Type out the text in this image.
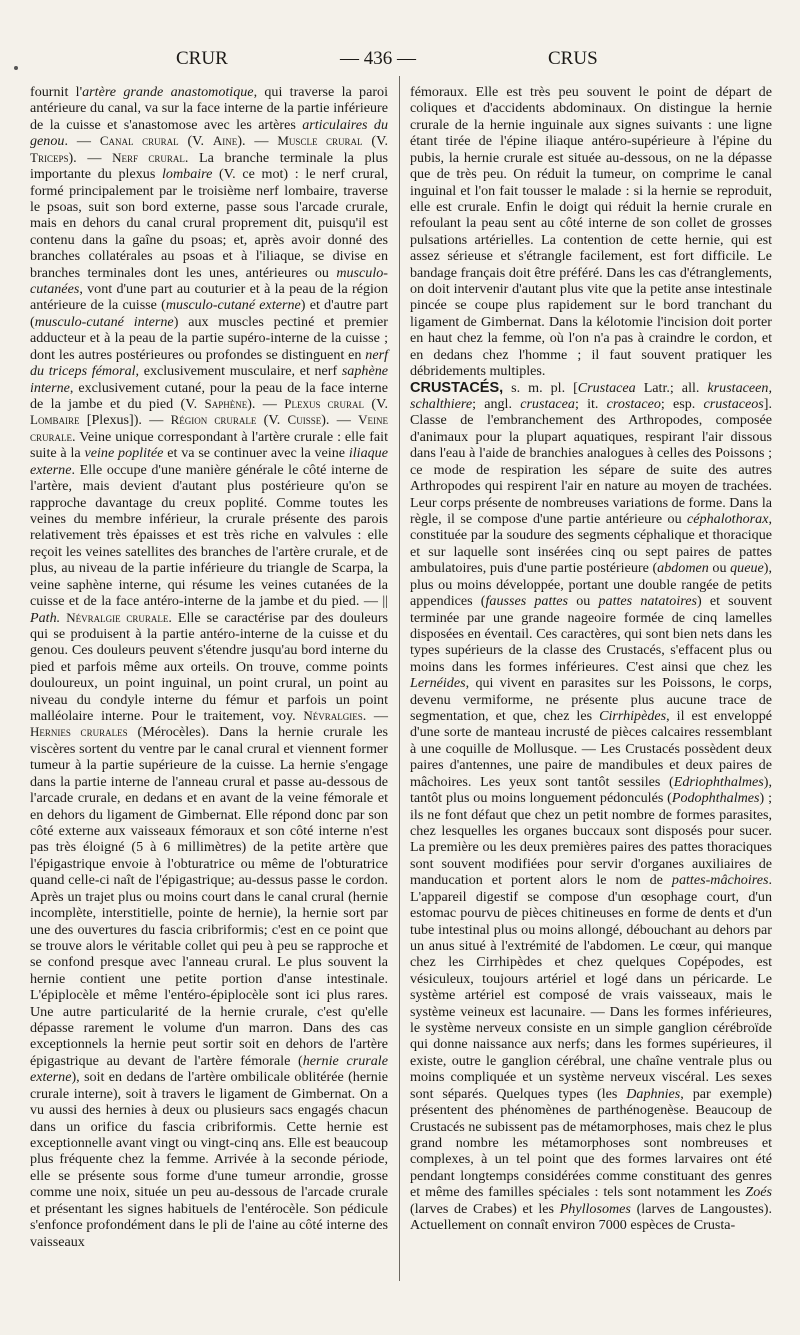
CRUR	— 436 —	CRUS

fournit l'artère grande anastomotique, qui traverse la paroi antérieure du canal, va sur la face interne de la partie inférieure de la cuisse et s'anastomose avec les artères articulaires du genou. — Canal crural (V. Aine). — Muscle crural (V. Triceps). — Nerf crural. La branche terminale la plus importante du plexus lombaire (V. ce mot) : le nerf crural, formé principalement par le troisième nerf lombaire, traverse le psoas, suit son bord externe, passe sous l'arcade crurale, mais en dehors du canal crural proprement dit, puisqu'il est contenu dans la gaîne du psoas; et, après avoir donné des branches collatérales au psoas et à l'iliaque, se divise en branches terminales dont les unes, antérieures ou musculo-cutanées, vont d'une part au couturier et à la peau de la région antérieure de la cuisse (musculo-cutané externe) et d'autre part (musculo-cutané interne) aux muscles pectiné et premier adducteur et à la peau de la partie supéro-interne de la cuisse ; dont les autres postérieures ou profondes se distinguent en nerf du triceps fémoral, exclusivement musculaire, et nerf saphène interne, exclusivement cutané, pour la peau de la face interne de la jambe et du pied (V. Saphène). — Plexus crural (V. Lombaire [Plexus]). — Région crurale (V. Cuisse). — Veine crurale. Veine unique correspondant à l'artère crurale : elle fait suite à la veine poplitée et va se continuer avec la veine iliaque externe. Elle occupe d'une manière générale le côté interne de l'artère, mais devient d'autant plus postérieure qu'on se rapproche davantage du creux poplité. Comme toutes les veines du membre inférieur, la crurale présente des parois relativement très épaisses et est très riche en valvules : elle reçoit les veines satellites des branches de l'artère crurale, et de plus, au niveau de la partie inférieure du triangle de Scarpa, la veine saphène interne, qui résume les veines cutanées de la cuisse et de la face antéro-interne de la jambe et du pied. — || Path. Névralgie crurale. Elle se caractérise par des douleurs qui se produisent à la partie antéro-interne de la cuisse et du genou. Ces douleurs peuvent s'étendre jusqu'au bord interne du pied et parfois même aux orteils. On trouve, comme points douloureux, un point inguinal, un point crural, un point au niveau du condyle interne du fémur et parfois un point malléolaire interne. Pour le traitement, voy. Névralgies. — Hernies crurales (Mérocèles). Dans la hernie crurale les viscères sortent du ventre par le canal crural et viennent former tumeur à la partie supérieure de la cuisse. La hernie s'engage dans la partie interne de l'anneau crural et passe au-dessous de l'arcade crurale, en dedans et en avant de la veine fémorale et en dehors du ligament de Gimbernat. Elle répond donc par son côté externe aux vaisseaux fémoraux et son côté interne n'est pas très éloigné (5 à 6 millimètres) de la petite artère que l'épigastrique envoie à l'obturatrice ou même de l'obturatrice quand celle-ci naît de l'épigastrique; au-dessus passe le cordon. Après un trajet plus ou moins court dans le canal crural (hernie incomplète, interstitielle, pointe de hernie), la hernie sort par une des ouvertures du fascia cribriformis; c'est en ce point que se trouve alors le véritable collet qui peu à peu se rapproche et se confond presque avec l'anneau crural. Le plus souvent la hernie contient une petite portion d'anse intestinale. L'épiplocèle et même l'entéro-épiplocèle sont ici plus rares. Une autre particularité de la hernie crurale, c'est qu'elle dépasse rarement le volume d'un marron. Dans des cas exceptionnels la hernie peut sortir soit en dehors de l'artère épigastrique au devant de l'artère fémorale (hernie crurale externe), soit en dedans de l'artère ombilicale oblitérée (hernie crurale interne), soit à travers le ligament de Gimbernat. On a vu aussi des hernies à deux ou plusieurs sacs engagés chacun dans un orifice du fascia cribriformis. Cette hernie est exceptionnelle avant vingt ou vingt-cinq ans. Elle est beaucoup plus fréquente chez la femme. Arrivée à la seconde période, elle se présente sous forme d'une tumeur arrondie, grosse comme une noix, située un peu au-dessous de l'arcade crurale et présentant les signes habituels de l'entérocèle. Son pédicule s'enfonce profondément dans le pli de l'aine au côté interne des vaisseaux

fémoraux. Elle est très peu souvent le point de départ de coliques et d'accidents abdominaux. On distingue la hernie crurale de la hernie inguinale aux signes suivants : une ligne étant tirée de l'épine iliaque antéro-supérieure à l'épine du pubis, la hernie crurale est située au-dessous, on ne la dépasse que de très peu. On réduit la tumeur, on comprime le canal inguinal et l'on fait tousser le malade : si la hernie se reproduit, elle est crurale. Enfin le doigt qui réduit la hernie crurale en refoulant la peau sent au côté interne de son collet de grosses pulsations artérielles. La contention de cette hernie, qui est assez sérieuse et s'étrangle facilement, est fort difficile. Le bandage français doit être préféré. Dans les cas d'étranglements, on doit intervenir d'autant plus vite que la petite anse intestinale pincée se coupe plus rapidement sur le bord tranchant du ligament de Gimbernat. Dans la kélotomie l'incision doit porter en haut chez la femme, où l'on n'a pas à craindre le cordon, et en dedans chez l'homme ; il faut souvent pratiquer les débridements multiples.

CRUSTACÉS, s. m. pl. [Crustacea Latr.; all. krustaceen, schalthiere; angl. crustacea; it. crostaceo; esp. crustaceos]. Classe de l'embranchement des Arthropodes, composée d'animaux pour la plupart aquatiques, respirant l'air dissous dans l'eau à l'aide de branchies analogues à celles des Poissons ; ce mode de respiration les sépare de suite des autres Arthropodes qui respirent l'air en nature au moyen de trachées. Leur corps présente de nombreuses variations de forme. Dans la règle, il se compose d'une partie antérieure ou céphalothorax, constituée par la soudure des segments céphalique et thoracique et sur laquelle sont insérées cinq ou sept paires de pattes ambulatoires, puis d'une partie postérieure (abdomen ou queue), plus ou moins développée, portant une double rangée de petits appendices (fausses pattes ou pattes natatoires) et souvent terminée par une grande nageoire formée de cinq lamelles disposées en éventail. Ces caractères, qui sont bien nets dans les types supérieurs de la classe des Crustacés, s'effacent plus ou moins dans les formes inférieures. C'est ainsi que chez les Lernéides, qui vivent en parasites sur les Poissons, le corps, devenu vermiforme, ne présente plus aucune trace de segmentation, et que, chez les Cirrhipèdes, il est enveloppé d'une sorte de manteau incrusté de pièces calcaires ressemblant à une coquille de Mollusque. — Les Crustacés possèdent deux paires d'antennes, une paire de mandibules et deux paires de mâchoires. Les yeux sont tantôt sessiles (Edriophthalmes), tantôt plus ou moins longuement pédonculés (Podophthalmes) ; ils ne font défaut que chez un petit nombre de formes parasites, chez lesquelles les organes buccaux sont disposés pour sucer. La première ou les deux premières paires des pattes thoraciques sont souvent modifiées pour servir d'organes auxiliaires de manducation et portent alors le nom de pattes-mâchoires. L'appareil digestif se compose d'un œsophage court, d'un estomac pourvu de pièces chitineuses en forme de dents et d'un tube intestinal plus ou moins allongé, débouchant au dehors par un anus situé à l'extrémité de l'abdomen. Le cœur, qui manque chez les Cirrhipèdes et chez quelques Copépodes, est vésiculeux, toujours artériel et logé dans un péricarde. Le système artériel est composé de vrais vaisseaux, mais le système veineux est lacunaire. — Dans les formes inférieures, le système nerveux consiste en un simple ganglion cérébroïde qui donne naissance aux nerfs; dans les formes supérieures, il existe, outre le ganglion cérébral, une chaîne ventrale plus ou moins compliquée et un système nerveux viscéral. Les sexes sont séparés. Quelques types (les Daphnies, par exemple) présentent des phénomènes de parthénogenèse. Beaucoup de Crustacés ne subissent pas de métamorphoses, mais chez le plus grand nombre les métamorphoses sont nombreuses et complexes, à un tel point que des formes larvaires ont été pendant longtemps considérées comme constituant des genres et même des familles spéciales : tels sont notamment les Zoés (larves de Crabes) et les Phyllosomes (larves de Langoustes). Actuellement on connaît environ 7000 espèces de Crusta-
